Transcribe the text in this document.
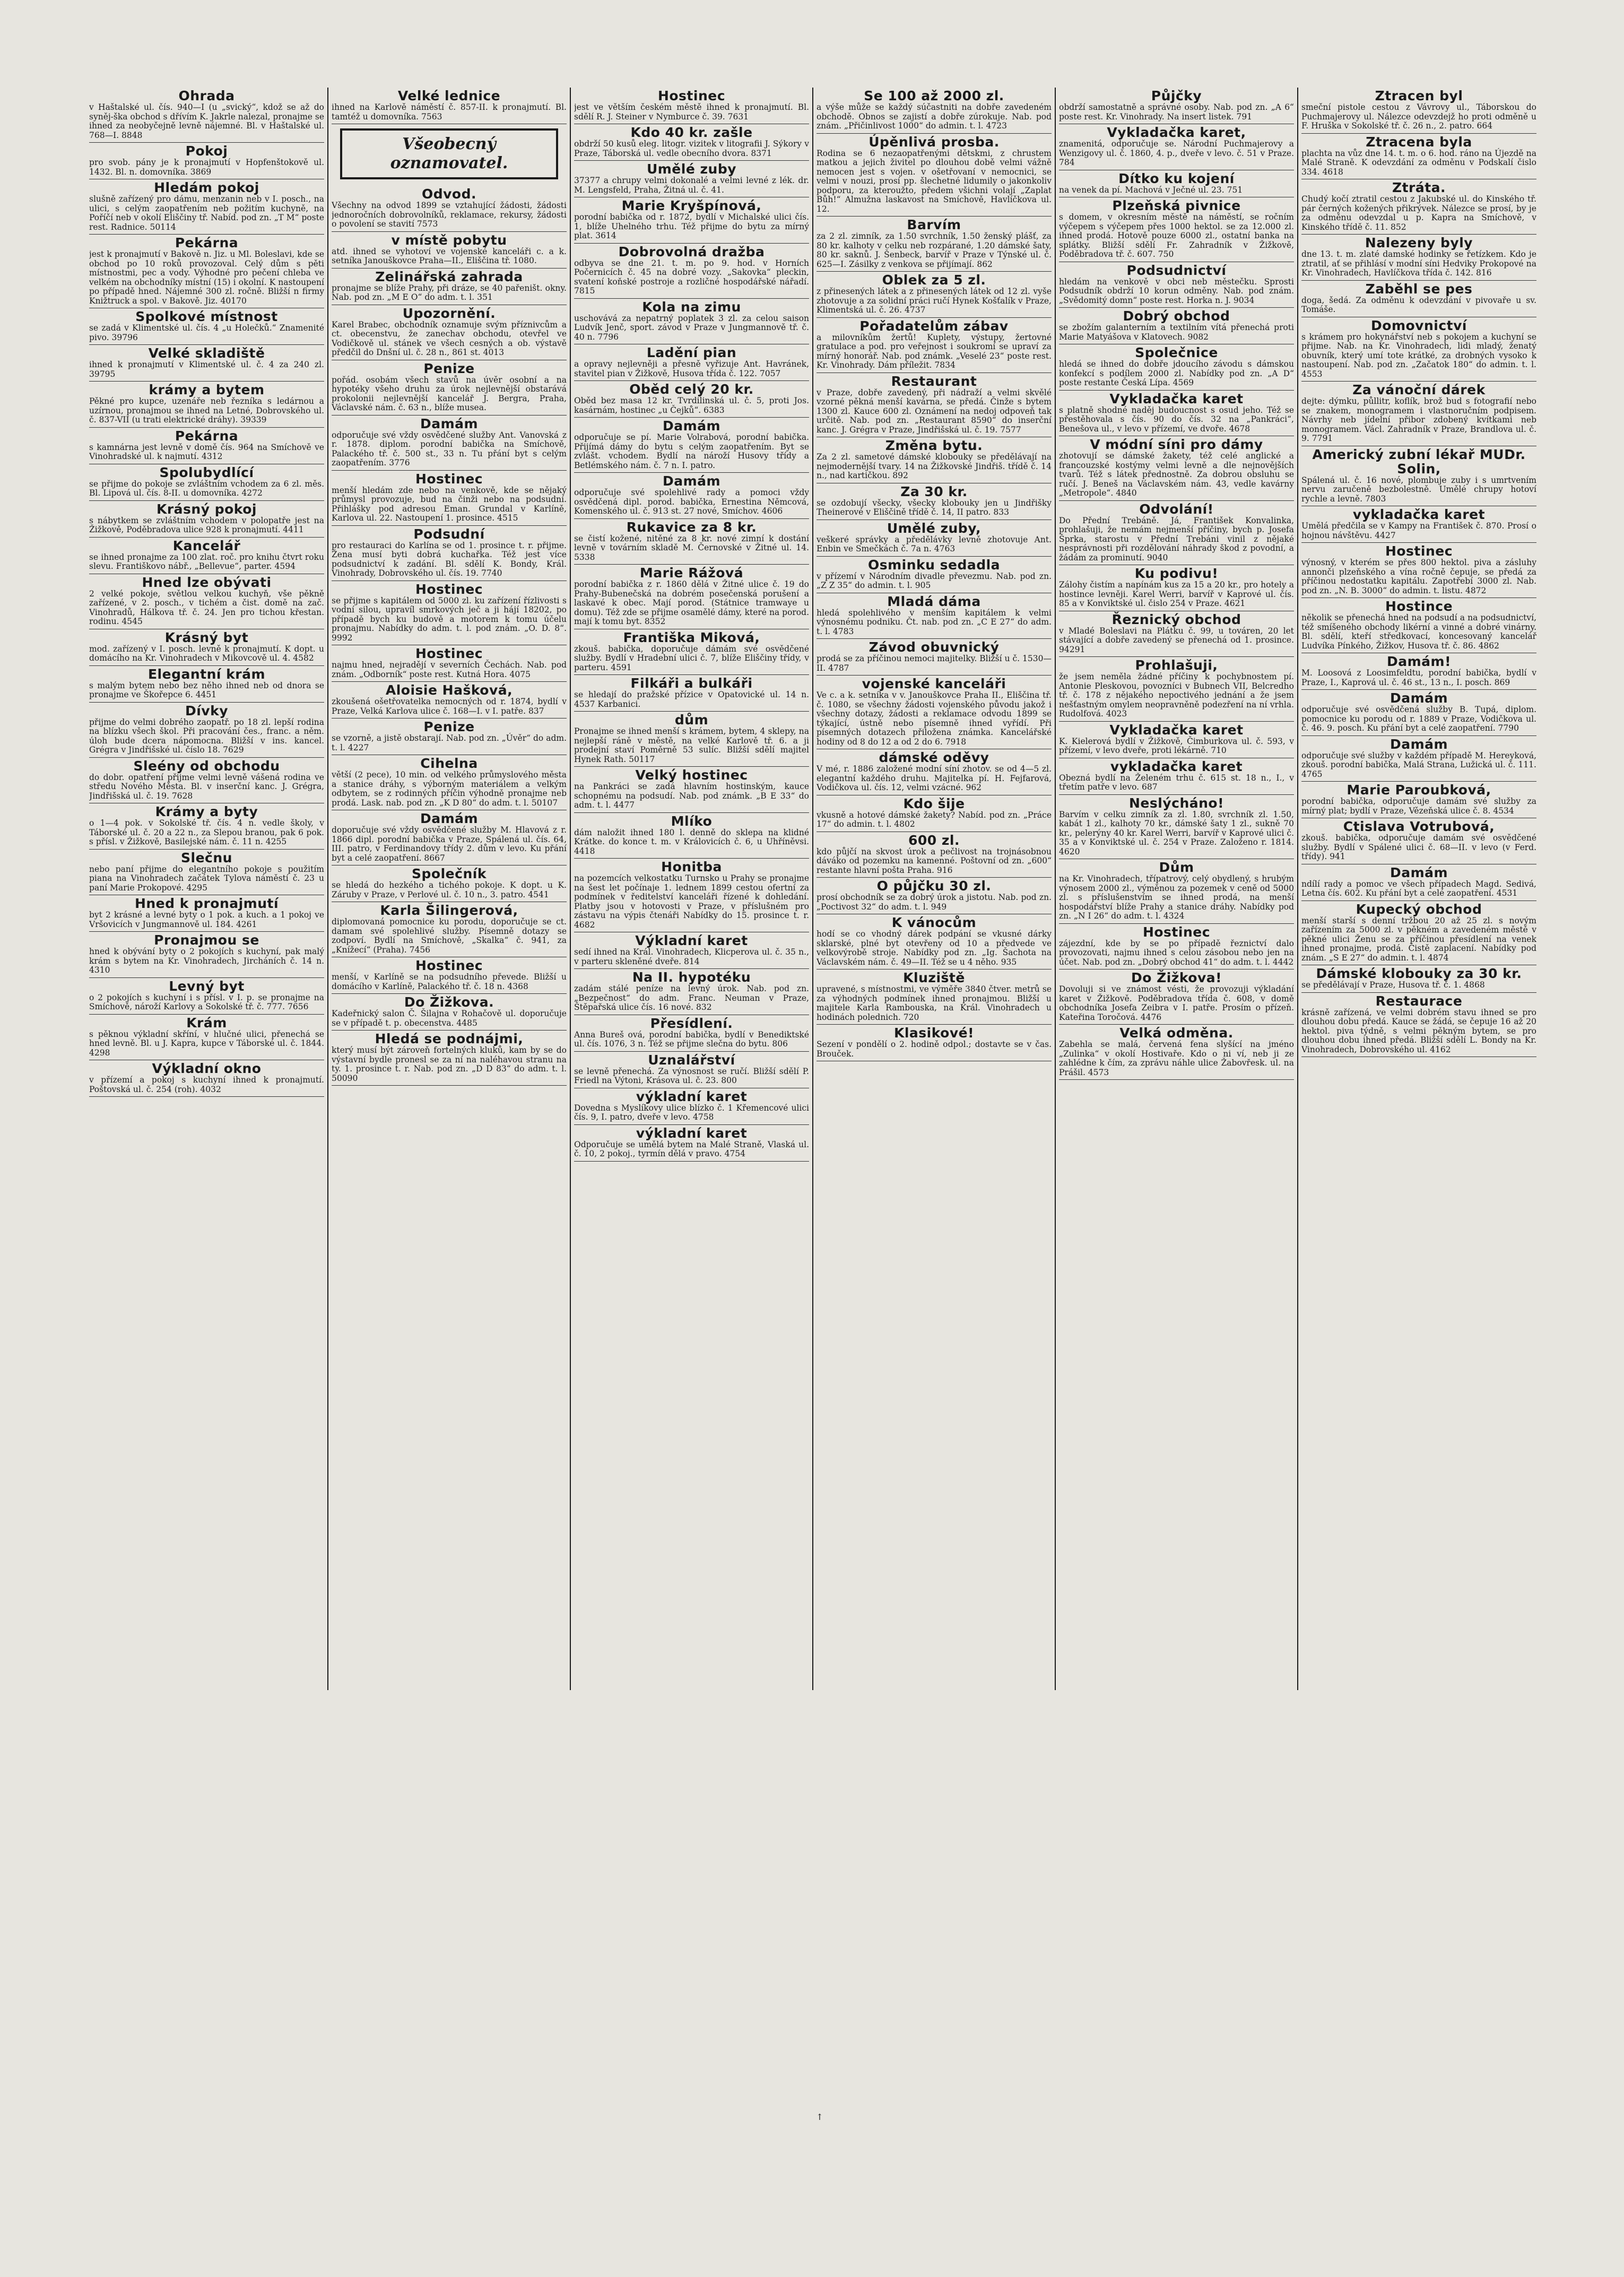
Ohrada
v Haštalské ul. čís. 940—I (u „svický“, kdož se až do syněj-ška obchod s dřívím K. Jakrle nalezal, pronajme se ihned za neobyčejně levně nájemné. Bl. v Haštalské ul. 768—I. 8848
Pokoj
pro svob. pány je k pronajmutí v Hopfenštokově ul. 1432. Bl. n. domovníka. 3869
Hledám pokoj
slušně zařízený pro dámu, menzanin neb v I. posch., na ulici, s celým zaopatřením neb požitím kuchyně, na Poříčí neb v okolí Eliščiny tř. Nabíd. pod zn. „T M“ poste rest. Radnice. 50114
Pekárna
jest k pronajmutí v Bakově n. Jiz. u Ml. Boleslavi, kde se obchod po 10 roků provozoval. Celý dům s pěti místnostmi, pec a vody. Výhodné pro pečení chleba ve velkém na obchodníky místní (15) i okolní. K nastoupení po případě hned. Nájemné 300 zl. ročně. Bližší n firmy Knižtruck a spol. v Bakově. Jiz. 40170
Spolkové místnost
se zadá v Klimentské ul. čís. 4 „u Holečků.“ Znamenité pivo. 39796
Velké skladiště
ihned k pronajmutí v Klimentské ul. č. 4 za 240 zl. 39795
krámy a bytem
Pěkné pro kupce, uzenáře neb řezníka s ledárnou a uzírnou, pronajmou se ihned na Letné, Dobrovského ul. č. 837-VII (u trati elektrické dráhy). 39339
Pekárna
s kamnárna jest levně v domě čís. 964 na Smíchově ve Vinohradské ul. k najmutí. 4312
Spolubydlící
se přijme do pokoje se zvláštním vchodem za 6 zl. měs. Bl. Lipová ul. čís. 8-II. u domovníka. 4272
Krásný pokoj
s nábytkem se zvláštním vchodem v polopatře jest na Žižkově, Poděbradova ulice 928 k pronajmutí. 4411
Kancelář
se ihned pronajme za 100 zlat. roč. pro knihu čtvrt roku slevu. Františkovo nábř., „Bellevue“, parter. 4594
Hned lze obývati
2 velké pokoje, světlou velkou kuchyň, vše pěkně zařízené, v 2. posch., v tichém a čist. domě na zač. Vinohradů, Hálkova tř. č. 24. Jen pro tichou křestan. rodinu. 4545
Krásný byt
mod. zařízený v I. posch. levně k pronajmutí. K dopt. u domácího na Kr. Vinohradech v Mikovcově ul. 4. 4582
Elegantní krám
s malým bytem nebo bez něho ihned neb od dnora se pronajme ve Škořepce 6. 4451
Dívky
přijme do velmi dobrého zaopatř. po 18 zl. lepší rodina na blízku všech škol. Při pracování čes., franc. a něm. úloh bude dcera nápomocna. Bližší v ins. kancel. Grégra v Jindřišské ul. číslo 18. 7629
Sleény od obchodu
do dobr. opatření přijme velmi levně vášená rodina ve středu Nového Města. Bl. v inserční kanc. J. Grégra, Jindřišská ul. č. 19. 7628
Krámy a byty
o 1—4 pok. v Sokolské tř. čís. 4 n. vedle školy, v Táborské ul. č. 20 a 22 n., za Slepou branou, pak 6 pok. s přísl. v Žižkově, Basilejské nám. č. 11 n. 4255
Slečnu
nebo paní přijme do elegantního pokoje s použitím piana na Vinohradech začátek Tylova náměstí č. 23 u paní Marie Prokopové. 4295
Hned k pronajmutí
byt 2 krásné a levné byty o 1 pok. a kuch. a 1 pokoj ve Vršovicích v Jungmannově ul. 184. 4261
Pronajmou se
hned k obývání byty o 2 pokojích s kuchyní, pak malý krám s bytem na Kr. Vinohradech, Jircháních č. 14 n. 4310
Levný byt
o 2 pokojích s kuchyní i s přísl. v I. p. se pronajme na Smíchově, nároží Karlovy a Sokolské tř. č. 777. 7656
Krám
s pěknou výkladní skříní, v hlučné ulici, přenechá se hned levně. Bl. u J. Kapra, kupce v Táborské ul. č. 1844. 4298
Výkladní okno
v přízemí a pokoj s kuchyní ihned k pronajmutí. Poštovská ul. č. 254 (roh). 4032
Velké lednice
ihned na Karlově náměstí č. 857-II. k pronajmutí. Bl. tamtéž u domovníka. 7563
Všeobecný oznamovatel.
Odvod.
Všechny na odvod 1899 se vztahující žádosti, žádosti jednoročních dobrovolníků, reklamace, rekursy, žádosti o povolení se stavití 7573
v místě pobytu
atd. ihned se vyhotoví ve vojenské kanceláři c. a k. setníka Janouškovce Praha—II., Eliščina tř. 1080.
Zelinářská zahrada
pronajme se blíže Prahy, při dráze, se 40 pařeništ. okny. Nab. pod zn. „M E O“ do adm. t. l. 351
Upozornění.
Karel Brabec, obchodník oznamuje svým příznivcům a ct. obecenstvu, že zanechav obchodu, otevřel ve Vodičkově ul. stánek ve všech cesných a ob. výstavě předčil do Dnšní ul. č. 28 n., 861 st. 4013
Penize
pořád. osobám všech stavů na úvěr osobní a na hypotéky všeho druhu za úrok nejlevnější obstarává prokolonii nejlevnější kancelář J. Bergra, Praha, Václavské nám. č. 63 n., blíže musea.
Damám
odporučuje své vždy osvědčené služby Ant. Vanovská z r. 1878. diplom. porodní babička na Smíchově, Palackého tř. č. 500 st., 33 n. Tu přání byt s celým zaopatřením. 3776
Hostinec
menší hledám zde nebo na venkově, kde se nějaký průmysl provozuje, bud na činži nebo na podsudní. Přihlášky pod adresou Eman. Grundal v Karlíně, Karlova ul. 22. Nastoupení 1. prosince. 4515
Podsudní
pro restauraci do Karlína se od 1. prosince t. r. přijme. Žena musí byti dobrá kuchařka. Též jest více podsudnictví k zadání. Bl. sdělí K. Bondy, Král. Vinohrady, Dobrovského ul. čís. 19. 7740
Hostinec
se přijme s kapitálem od 5000 zl. ku zařízení řízlivosti s vodní silou, upravíl smrkových ječ a ji hájí 18202, po případě bych ku budově a motorem k tomu účelu pronajmu. Nabídky do adm. t. l. pod znám. „O. D. 8“. 9992
Hostinec
najmu hned, nejradějí v severních Čechách. Nab. pod znám. „Odborník“ poste rest. Kutná Hora. 4075
Aloisie Hašková,
zkoušená ošetřovatelka nemocných od r. 1874, bydlí v Praze, Velká Karlova ulice č. 168—I. v I. patře. 837
Penize
se vzorně, a jistě obstarají. Nab. pod zn. „Úvěr“ do adm. t. l. 4227
Cihelna
větší (2 pece), 10 min. od velkého průmyslového města a stanice dráhy, s výborným materiálem a velkým odbytem, se z rodinných příčin výhodně pronajme neb prodá. Lask. nab. pod zn. „K D 80“ do adm. t. l. 50107
Damám
doporučuje své vždy osvědčené služby M. Hlavová z r. 1866 dipl. porodní babička v Praze, Spálená ul. čís. 64, III. patro, v Ferdinandovy třídy 2. dům v levo. Ku přání byt a celé zaopatření. 8667
Společník
se hledá do hezkého a tichého pokoje. K dopt. u K. Záruby v Praze, v Perlové ul. č. 10 n., 3. patro. 4541
Karla Šilingerová,
diplomovaná pomocnice ku porodu, doporučuje se ct. damam své spolehlivé služby. Písemně dotazy se zodpoví. Bydlí na Smíchově, „Skalka“ č. 941, za „Knížecí“ (Praha). 7456
Hostinec
menší, v Karlíně se na podsudního převede. Bližší u domácího v Karlíně, Palackého tř. č. 18 n. 4368
Do Žižkova.
Kadeřnický salon Č. Šilajna v Rohačově ul. doporučuje se v případě t. p. obecenstva. 4485
Hledá se podnájmi,
který musí být zároveň fortelných kluků, kam by se do výstavní bydle pronesl se za ní na naléhavou stranu na ty. 1. prosince t. r. Nab. pod zn. „D D 83“ do adm. t. l. 50090
Hostinec
jest ve větším českém městě ihned k pronajmutí. Bl. sdělí R. J. Steiner v Nymburce č. 39. 7631
Kdo 40 kr. zašle
obdrží 50 kusů eleg. litogr. vizitek v litografii J. Sýkory v Praze, Táborská ul. vedle obecního dvora. 8371
Umělé zuby
37377 a chrupy velmi dokonalé a velmi levné z lék. dr. M. Lengsfeld, Praha, Žitná ul. č. 41.
Marie Kryšpínová,
porodní babička od r. 1872, bydlí v Michalské ulici čís. 1, blíže Uhelného trhu. Též přijme do bytu za mírný plat. 3614
Dobrovolná dražba
odbyva se dne 21. t. m. po 9. hod. v Horních Počernicích č. 45 na dobré vozy. „Sakovka“ pleckin, svatení koňské postroje a rozličné hospodářské nářadí. 7815
Kola na zimu
uschovává za nepatrný poplatek 3 zl. za celou saison Ludvík Jenč, sport. závod v Praze v Jungmannově tř. č. 40 n. 7796
Ladění pian
a opravy nejlevněji a přesně vyřizuje Ant. Havránek, stavitel pian v Žižkově, Husova třída č. 122. 7057
Oběd celý 20 kr.
Oběd bez masa 12 kr. Tvrdilinská ul. č. 5, proti Jos. kasárnám, hostinec „u Čejků“. 6383
Damám
odporučuje se pí. Marie Volrabová, porodní babička. Přijímá dámy do bytu s celým zaopatřením. Byt se zvlášt. vchodem. Bydlí na nároží Husovy třídy a Betlémského nám. č. 7 n. I. patro.
Damám
odporučuje své spolehlivé rady a pomoci vždy osvědčená dipl. porod. babička, Ernestina Němcová, Komenského ul. č. 913 st. 27 nové, Smíchov. 4606
Rukavice za 8 kr.
se čistí kožené, nitěné za 8 kr. nové zimní k dostání levně v továrním skladě M. Černovské v Žitné ul. 14. 5338
Marie Rážová
porodní babička z r. 1860 dělá v Žitné ulice č. 19 do Prahy-Bubenečská na dobrém posečenská porušení a laskavé k obec. Mají porod. (Státnice tramwaye u domu). Též zde se přijme osamělé dámy, které na porod. mají k tomu byt. 8352
Františka Miková,
zkouš. babička, doporučuje dámám své osvědčené služby. Bydlí v Hradební ulici č. 7, blíže Eliščiny třídy, v parteru. 4591
Filkáři a bulkáři
se hledají do pražské přízice v Opatovické ul. 14 n. 4537 Karbanici.
dům
Pronajme se ihned menší s krámem, bytem, 4 sklepy, na nejlepší ráně v městě, na velké Karlově tř. 6. a ji prodejní staví Poměrně 53 sulíc. Bližší sdělí majitel Hynek Rath. 50117
Velký hostinec
na Pankráci se zadá hlavním hostinským, kauce schopnému na podsudí. Nab. pod známk. „B E 33“ do adm. t. l. 4477
Mlíko
dám naložit ihned 180 l. denně do sklepa na klidné Krátke. do konce t. m. v Královicích č. 6, u Uhříněvsi. 4418
Honitba
na pozemcích velkostatku Turnsko u Prahy se pronajme na šest let počínaje 1. lednem 1899 cestou ofertní za podmínek v ředitelství kanceláři řízené k dohledání. Platby jsou v hotovosti v Praze, v příslušném pro zástavu na výpis čtenáři Nabídky do 15. prosince t. r. 4682
Výkladní karet
sedí ihned na Král. Vinohradech, Klicperova ul. č. 35 n., v parteru skleněné dveře. 814
Na II. hypotéku
zadám stálé peníze na levný úrok. Nab. pod zn. „Bezpečnost“ do adm. Franc. Neuman v Praze, Štěpařská ulice čís. 16 nové. 832
Přesídlení.
Anna Bureš ová, porodní babička, bydlí v Benediktské ul. čís. 1076, 3 n. Též se přijme slečna do bytu. 806
Uznalářství
se levně přenechá. Za výnosnost se ručí. Bližší sdělí P. Friedl na Výtoni, Krásova ul. č. 23. 800
výkladní karet
Dovedna s Myslíkovy ulice blízko č. 1 Křemencové ulici čís. 9, I. patro, dveře v levo. 4758
výkladní karet
Odporučuje se umělá bytem na Malé Straně, Vlaská ul. č. 10, 2 pokoj., tyrmín dělá v pravo. 4754
Se 100 až 2000 zl.
a výše může se každý súčastniti na dobře zavedeném obchodě. Obnos se zajistí a dobře zúrokuje. Nab. pod znám. „Přičinlivost 1000“ do admin. t. l. 4723
Úpěnlivá prosba.
Rodina se 6 nezaopatřenými dětskmi, z chrustem matkou a jejich živitel po dlouhou době velmi vážně nemocen jest s vojen. v ošetřovaní v nemocnici, se velmi v nouzi, prosí pp. šlechetné lidumily o jakonkoliv podporu, za kteroužto, předem všichni volají „Zaplat Bůh!“ Almužna laskavost na Smíchově, Havlíčkova ul. 12.
Barvím
za 2 zl. zimník, za 1.50 svrchník, 1.50 ženský plášť, za 80 kr. kalhoty v celku neb rozpárané, 1.20 dámské šaty, 80 kr. saknů. J. Šenbeck, barvíř v Praze v Týnské ul. č. 625—I. Zásilky z venkova se přijímají. 862
Oblek za 5 zl.
z přinesených látek a z přinesených látek od 12 zl. vyše zhotovuje a za solidní práci ručí Hynek Košťalík v Praze, Klimentská ul. č. 26. 4737
Pořadatelům zábav
a milovníkům žertů! Kuplety, výstupy, žertovné gratulace a pod. pro veřejnost i soukromí se upraví za mírný honorář. Nab. pod známk. „Veselé 23“ poste rest. Kr. Vinohrady. Dám příležit. 7834
Restaurant
v Praze, dobře zavedený, při nádraží a velmi skvělé vzorné pěkná menší kavárna, se předá. Činže s bytem 1300 zl. Kauce 600 zl. Oznámení na nedoj odpoveň tak určitě. Nab. pod zn. „Restaurant 8590“ do inserční kanc. J. Grégra v Praze, Jindřišská ul. č. 19. 7577
Změna bytu.
Za 2 zl. sametové dámské klobouky se předělávají na nejmodernější tvary. 14 na Žižkovské Jindřiš. třídě č. 14 n., nad kartičkou. 892
Za 30 kr.
se ozdobují všecky, všecky klobouky jen u Jindřišky Theinerové v Eliščině třídě č. 14, II patro. 833
Umělé zuby,
veškeré správky a předělávky levně zhotovuje Ant. Enbin ve Smečkách č. 7a n. 4763
Osminku sedadla
v přízemí v Národním divadle převezmu. Nab. pod zn. „Z Z 35“ do admin. t. l. 905
Mladá dáma
hledá spolehlivého v menším kapitálem k velmi výnosnému podniku. Čt. nab. pod zn. „C E 27“ do adm. t. l. 4783
Závod obuvnický
prodá se za příčinou nemoci majitelky. Bližší u č. 1530—II. 4787
vojenské kanceláři
Ve c. a k. setníka v v. Janouškovce Praha II., Eliščina tř. č. 1080, se všechny žádosti vojenského původu jakož i všechny dotazy, žádosti a reklamace odvodu 1899 se týkající, ústně nebo písemně ihned vyřídí. Při písemných dotazech přiložena známka. Kancelářské hodiny od 8 do 12 a od 2 do 6. 7918
dámské oděvy
V mé, r. 1886 založené modní síní zhotov. se od 4—5 zl. elegantní každého druhu. Majitelka pí. H. Fejfarová, Vodičkova ul. čís. 12, velmi vzácné. 962
Kdo šije
vkusně a hotové dámské žakety? Nabíd. pod zn. „Práce 17“ do admin. t. l. 4802
600 zl.
kdo půjčí na skvost úrok a pečlivost na trojnásobnou dáváko od pozemku na kamenné. Poštovní od zn. „600“ restante hlavní pošta Praha. 916
O půjčku 30 zl.
prosí obchodník se za dobrý úrok a jistotu. Nab. pod zn. „Poctivost 32“ do adm. t. l. 949
K vánocům
hodí se co vhodný dárek podpání se vkusné dárky sklarské, plné byt otevřeny od 10 a předvede ve velkovýrobě stroje. Nabídky pod zn. „Ig. Šachota na Václavském nám. č. 49—II. Též se u 4 něho. 935
Kluziště
upravené, s místnostmi, ve výměře 3840 čtver. metrů se za výhodných podmínek ihned pronajmou. Bližší u majitele Karla Rambouska, na Král. Vinohradech u hodinách polednich. 720
Klasikové!
Sezení v pondělí o 2. hodině odpol.; dostavte se v čas. Brouček.
Půjčky
obdrží samostatně a správné osoby. Nab. pod zn. „A 6“ poste rest. Kr. Vinohrady. Na insert listek. 791
Vykladačka karet,
znamenitá, odporučuje se. Národní Puchmajerovy a Wenzigovy ul. č. 1860, 4. p., dveře v levo. č. 51 v Praze. 784
Dítko ku kojení
na venek da pí. Machová v Ječné ul. 23. 751
Plzeňská pivnice
s domem, v okresním městě na náměstí, se ročním výčepem s výčepem přes 1000 hektol. se za 12.000 zl. ihned prodá. Hotově pouze 6000 zl., ostatní banka na splátky. Bližší sdělí Fr. Zahradník v Žižkově, Poděbradova tř. č. 607. 750
Podsudnictví
hledám na venkově v obci neb městečku. Sprosti Podsudník obdrží 10 korun odměny. Nab. pod znám. „Svědomitý domn“ poste rest. Horka n. J. 9034
Dobrý obchod
se zbožím galanterním a textilním vítá přenechá proti Marie Matyášova v Klatovech. 9082
Společnice
hledá se ihned do dobře jdoucího závodu s dámskou konfekcí s podílem 2000 zl. Nabídky pod zn. „A D“ poste restante Česká Lípa. 4569
Vykladačka karet
s platně shodné naděj budoucnost s osud jeho. Též se přestěhovala s čís. 90 do čís. 32 na „Pankráci“, Benešova ul., v levo v přízemí, ve dvoře. 4678
V módní síni pro dámy
zhotovují se dámské žakety, též celé anglické a francouzské kostýmy velmi levně a dle nejnovějších tvarů. Též s látek přednostně. Za dobrou obsluhu se ručí. J. Beneš na Václavském nám. 43, vedle kavárny „Metropole“. 4840
Odvolání!
Do Přední Trebáně. Já, František Konvalinka, prohlašuji, že nemám nejmenší příčiny, bych p. Josefa Šprka, starostu v Přední Trebáni vinil z nějaké nesprávnosti při rozdělování náhrady škod z povodní, a žádám za prominutí. 9040
Ku podivu!
Zálohy čistím a napínám kus za 15 a 20 kr., pro hotely a hostince levněji. Karel Werri, barvíř v Kaprové ul. čís. 85 a v Konviktské ul. čislo 254 v Praze. 4621
Řeznický obchod
v Mladé Boleslavi na Plátku č. 99, u továren, 20 let stávající a dobře zavedený se přenechá od 1. prosince. 94291
Prohlašuji,
že jsem neměla žádné příčiny k pochybnostem pí. Antonie Pleskovou, povozníci v Bubnech VII, Belcredho tř. č. 178 z nějakého nepoctivého jednání a že jsem nešťastným omylem neopravněně podezření na ní vrhla. Rudolfová. 4023
Vykladačka karet
K. Kielerová bydlí v Žižkově, Čimburkova ul. č. 593, v přízemí, v levo dveře, proti lékárně. 710
vykladačka karet
Obezná bydlí na Želeném trhu č. 615 st. 18 n., I., v třetím patře v levo. 687
Neslýcháno!
Barvím v celku zimník za zl. 1.80, svrchník zl. 1.50, kabát 1 zl., kalhoty 70 kr., dámské šaty 1 zl., sukně 70 kr., pelerýny 40 kr. Karel Werri, barvíř v Kaprové ulici č. 35 a v Konviktské ul. č. 254 v Praze. Založeno r. 1814. 4620
Dům
na Kr. Vinohradech, třípatrový, celý obydlený, s hrubým výnosem 2000 zl., výměnou za pozemek v ceně od 5000 zl. s příslušenstvím se ihned prodá, na menší hospodářství blíže Prahy a stanice dráhy. Nabídky pod zn. „N I 26“ do adm. t. l. 4324
Hostinec
zájezdní, kde by se po případě řeznictví dalo provozovati, najmu ihned s celou zásobou nebo jen na účet. Nab. pod zn. „Dobrý obchod 41“ do adm. t. l. 4442
Do Žižkova!
Dovoluji si ve známost vésti, že provozuji výkladání karet v Žižkově. Poděbradova třída č. 608, v domě obchodníka Josefa Zeibra v I. patře. Prosím o přízeň. Kateřina Toročová. 4476
Velká odměna.
Zabehla se malá, červená fena slyšící na jméno „Zulinka“ v okolí Hostivaře. Kdo o ni ví, neb ji ze zahlédne k čím, za zprávu náhle ulice Žabovřesk. ul. na Prášil. 4573
Ztracen byl
smeční pistole cestou z Vávrovy ul., Táborskou do Puchmajerovy ul. Nálezce odevzdejž ho proti odměně u F. Hruška v Sokolské tř. č. 26 n., 2. patro. 664
Ztracena byla
plachta na vůz dne 14. t. m. o 6. hod. ráno na Újezdě na Malé Straně. K odevzdání za odměnu v Podskalí čislo 334. 4618
Ztráta.
Chudý kočí ztratil cestou z Jakubské ul. do Kinského tř. pár černých kožených přikrývek. Nálezce se prosí, by je za odměnu odevzdal u p. Kapra na Smíchově, v Kinského třídě č. 11. 852
Nalezeny byly
dne 13. t. m. zlaté damské hodinky se řetízkem. Kdo je ztratil, ať se přihlásí v modní síni Hedviky Prokopové na Kr. Vinohradech, Havlíčkova třída č. 142. 816
Zaběhl se pes
doga, šedá. Za odměnu k odevzdání v pivovaře u sv. Tomáše.
Domovnictví
s krámem pro hokynářství neb s pokojem a kuchyní se přijme. Nab. na Kr. Vinohradech, lidi mladý, ženatý obuvník, který umí tote krátké, za drobných vysoko k nastoupení. Nab. pod zn. „Začatok 180“ do admin. t. l. 4553
Za vánoční dárek
dejte: dýmku, půllitr, koflík, brož bud s fotografií nebo se znakem, monogramem i vlastnoručním podpisem. Návrhy neb jídelní přibor zdobený kvítkami neb monogramem. Václ. Zahradník v Praze, Brandlova ul. č. 9. 7791
Americký zubní lékař MUDr. Solin,
Spálená ul. č. 16 nové, plombuje zuby i s umrtvením nervu zaručeně bezbolestně. Umělé chrupy hotoví rychle a levně. 7803
vykladačka karet
Umělá předčila se v Kampy na František č. 870. Prosí o hojnou návštěvu. 4427
Hostinec
výnosný, v kterém se přes 800 hektol. piva a zásluhy annonči plzeňského a vína ročně čepuje, se předá za příčinou nedostatku kapitálu. Zapotřebí 3000 zl. Nab. pod zn. „N. B. 3000“ do admin. t. listu. 4872
Hostince
několik se přenechá hned na podsudí a na podsudnictví, též smíšeného obchody likérní a vinné a dobré vinárny. Bl. sdělí, kteří středkovací, koncesovaný kancelář Ludvíka Pínkého, Žižkov, Husova tř. č. 86. 4862
Damám!
M. Loosová z Loosimfeldtu, porodní babička, bydlí v Praze, I., Kaprová ul. č. 46 st., 13 n., I. posch. 869
Damám
odporučuje své osvědčená služby B. Tupá, diplom. pomocnice ku porodu od r. 1889 v Praze, Vodičkova ul. č. 46. 9. posch. Ku přání byt a celé zaopatření. 7790
Damám
odporučuje své služby v každém případě M. Hereyková, zkouš. porodní babička, Malá Strana, Lužická ul. č. 111. 4765
Marie Paroubková,
porodní babička, odporučuje damám své služby za mírný plat; bydlí v Praze, Vězeňská ulice č. 8. 4534
Ctislava Votrubová,
zkouš. babička, odporučuje damám své osvědčené služby. Bydlí v Spálené ulici č. 68—II. v levo (v Ferd. třídy). 941
Damám
ndílí rady a pomoc ve všech případech Magd. Sedivá, Letna čís. 602. Ku přání byt a celé zaopatření. 4531
Kupecký obchod
menší starší s denní tržbou 20 až 25 zl. s novým zařízením za 5000 zl. v pěkném a zavedeném městě v pěkné ulici Ženu se za příčinou přesídlení na venek ihned pronajme, prodá. Čistě zaplacení. Nabídky pod znám. „S E 27“ do admin. t. l. 4874
Dámské klobouky za 30 kr.
se předělávají v Praze, Husova tř. č. 1. 4868
Restaurace
krásně zařízená, ve velmi dobrém stavu ihned se pro dlouhou dobu předá. Kauce se žádá, se čepuje 16 až 20 hektol. piva týdně, s velmi pěkným bytem, se pro dlouhou dobu ihned předá. Bližší sdělí L. Bondy na Kr. Vinohradech, Dobrovského ul. 4162
↑
